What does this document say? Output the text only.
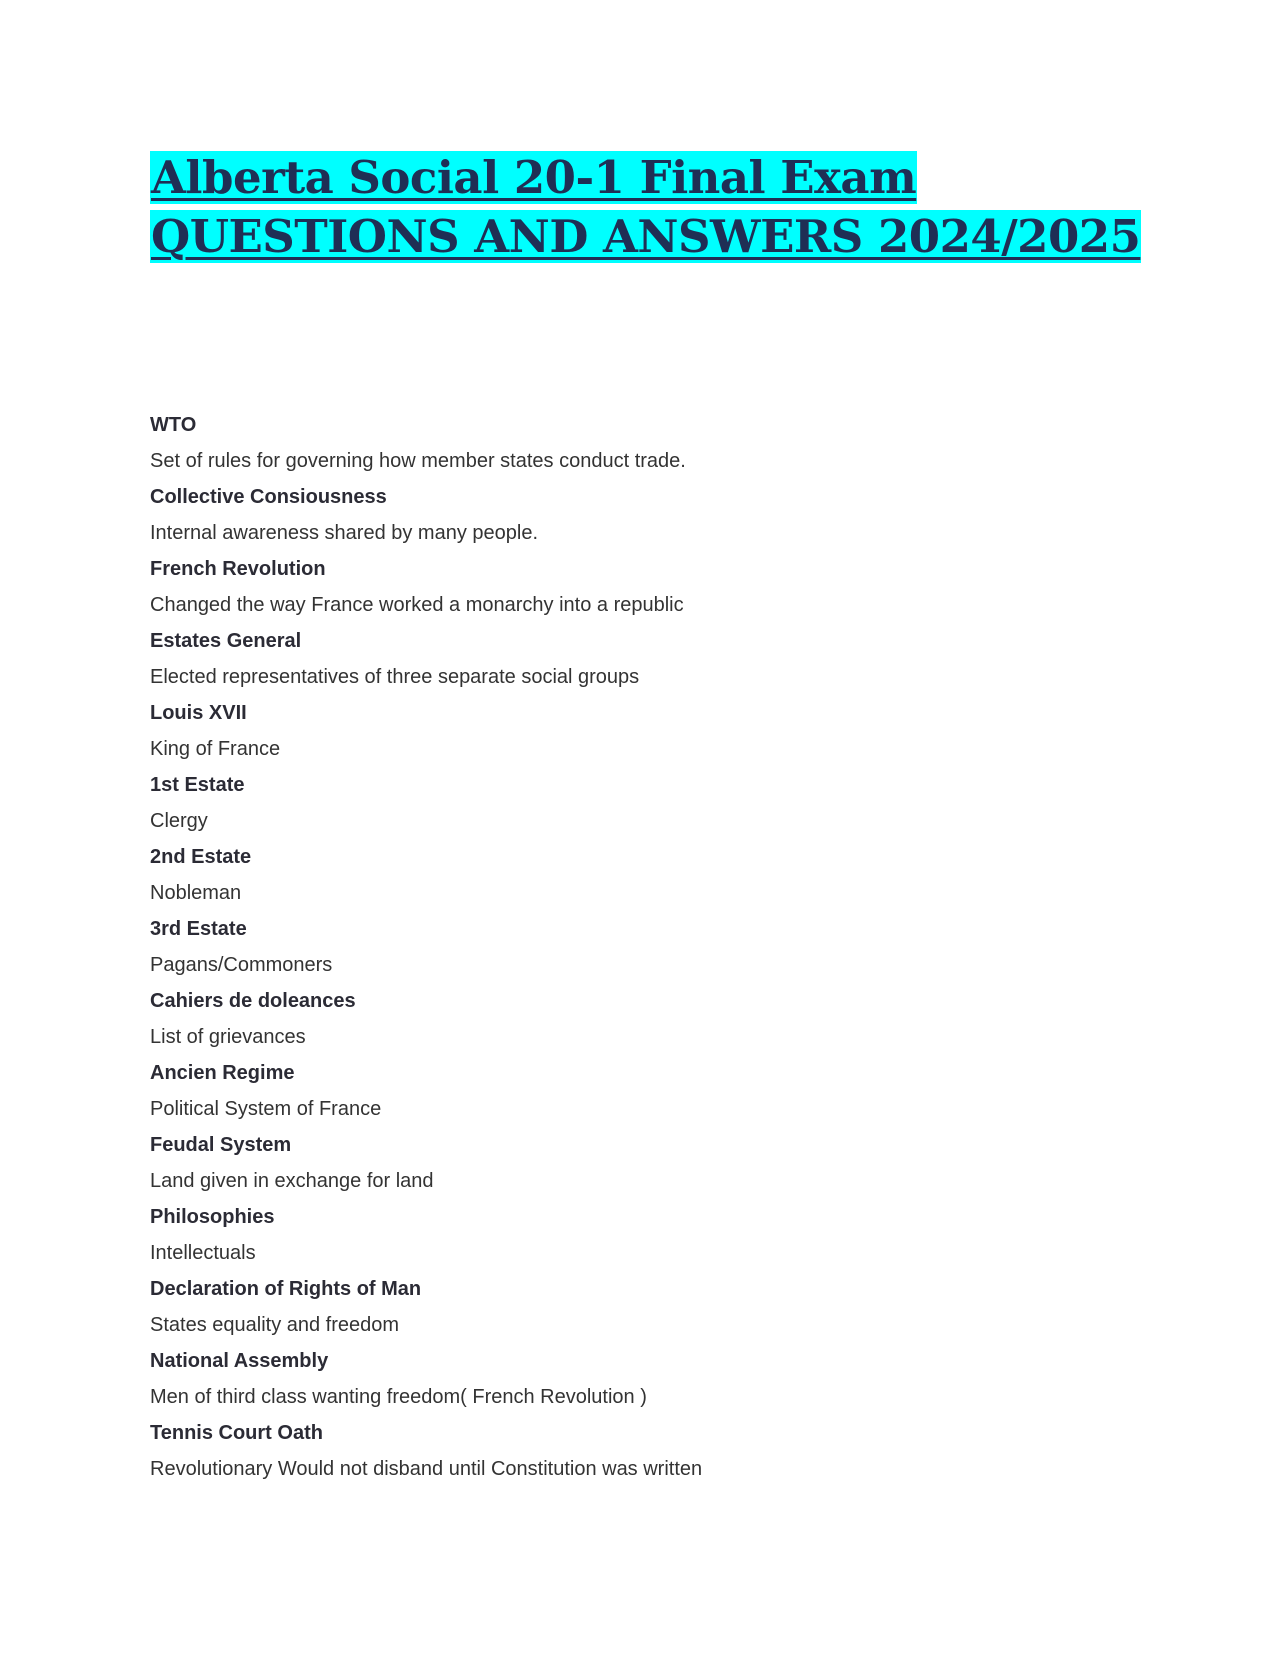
Alberta Social 20-1 Final Exam
QUESTIONS AND ANSWERS 2024/2025
WTO
Set of rules for governing how member states conduct trade.
Collective Consiousness
Internal awareness shared by many people.
French Revolution
Changed the way France worked a monarchy into a republic
Estates General
Elected representatives of three separate social groups
Louis XVII
King of France
1st Estate
Clergy
2nd Estate
Nobleman
3rd Estate
Pagans/Commoners
Cahiers de doleances
List of grievances
Ancien Regime
Political System of France
Feudal System
Land given in exchange for land
Philosophies
Intellectuals
Declaration of Rights of Man
States equality and freedom
National Assembly
Men of third class wanting freedom( French Revolution )
Tennis Court Oath
Revolutionary Would not disband until Constitution was written
